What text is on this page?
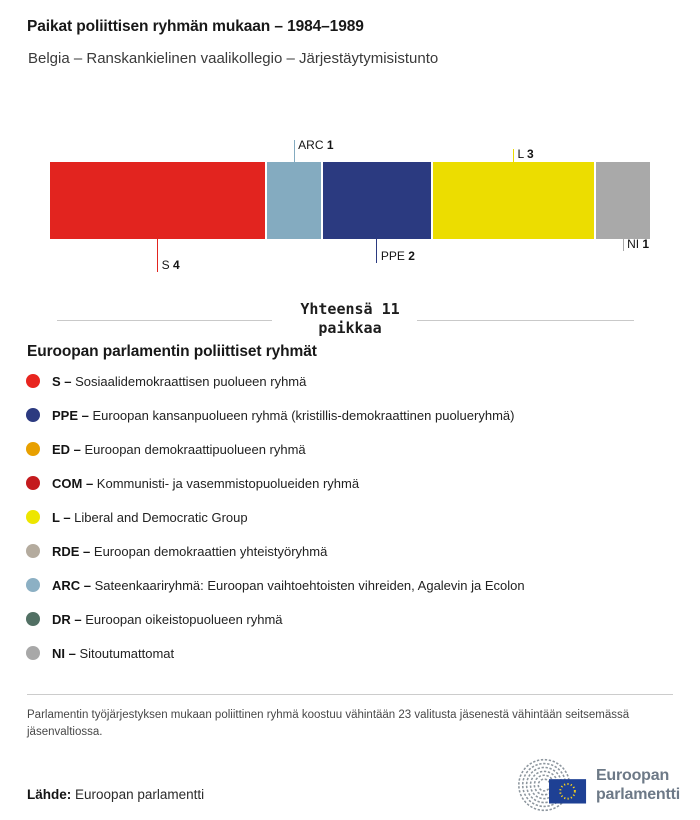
Paikat poliittisen ryhmän mukaan – 1984–1989
Belgia – Ranskankielinen vaalikollegio – Järjestäytymisistunto
S 4
ARC 1
PPE 2
L 3
NI 1
Yhteensä 11
paikkaa
Euroopan parlamentin poliittiset ryhmät
S – Sosiaalidemokraattisen puolueen ryhmä
PPE – Euroopan kansanpuolueen ryhmä (kristillis-demokraattinen puolueryhmä)
ED – Euroopan demokraattipuolueen ryhmä
COM – Kommunisti- ja vasemmistopuolueiden ryhmä
L – Liberal and Democratic Group
RDE – Euroopan demokraattien yhteistyöryhmä
ARC – Sateenkaariryhmä: Euroopan vaihtoehtoisten vihreiden, Agalevin ja Ecolon
DR – Euroopan oikeistopuolueen ryhmä
NI – Sitoutumattomat
Parlamentin työjärjestyksen mukaan poliittinen ryhmä koostuu vähintään 23 valitusta jäsenestä vähintään seitsemässä jäsenvaltiossa.
Lähde: Euroopan parlamentti
Euroopan
parlamentti
